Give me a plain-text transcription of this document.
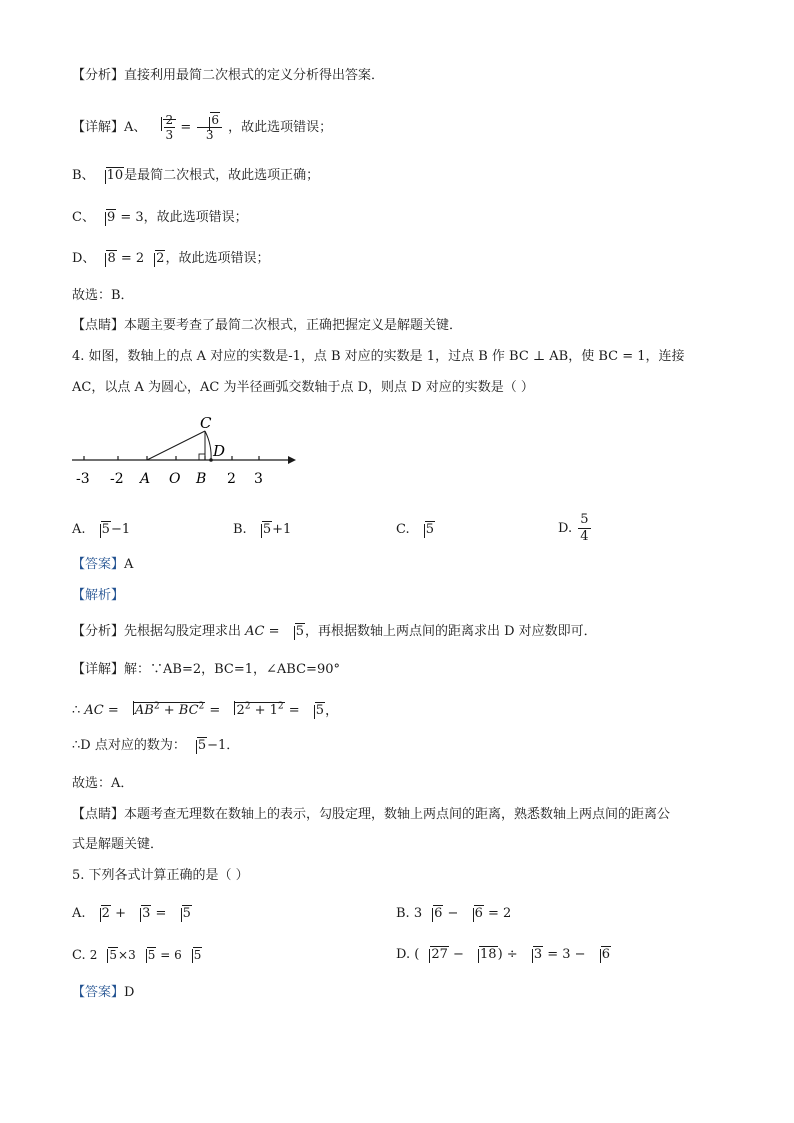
【分析】直接利用最简二次根式的定义分析得出答案．
【详解】A、 $\frac{2}{3} = \frac{6}{3}$ ，故此选项错误；
B、 10是最简二次根式，故此选项正确；
C、 9 = 3，故此选项错误；
D、 8 = 2 2，故此选项错误；
故选：B．
【点睛】本题主要考查了最简二次根式，正确把握定义是解题关键．
4. 如图，数轴上的点 A 对应的实数是-1，点 B 对应的实数是 1，过点 B 作 BC ⊥ AB，使 BC = 1，连接
AC，以点 A 为圆心，AC 为半径画弧交数轴于点 D，则点 D 对应的实数是（ ）
C
D
-3 -2 A O B 2 3
A. 5−1	B. 5+1	C. 5	D. $\frac{5}{4}$
【答案】A
【解析】
【分析】先根据勾股定理求出 AC = 5，再根据数轴上两点间的距离求出 D 对应数即可．
【详解】解：∵AB=2，BC=1，∠ABC=90°
∴ AC = $AB^2 + BC^2 = 2^2 + 1^2 = 5$，
∴D 点对应的数为： 5−1．
故选：A．
【点睛】本题考查无理数在数轴上的表示，勾股定理，数轴上两点间的距离，熟悉数轴上两点间的距离公
式是解题关键．
5. 下列各式计算正确的是（ ）
A. 2 + 3 = 5	B. 3 6 − 6 = 2
C. 2 5×3 5 = 6 5	D. ( 27 − 18) ÷ 3 = 3 − 6
【答案】D
